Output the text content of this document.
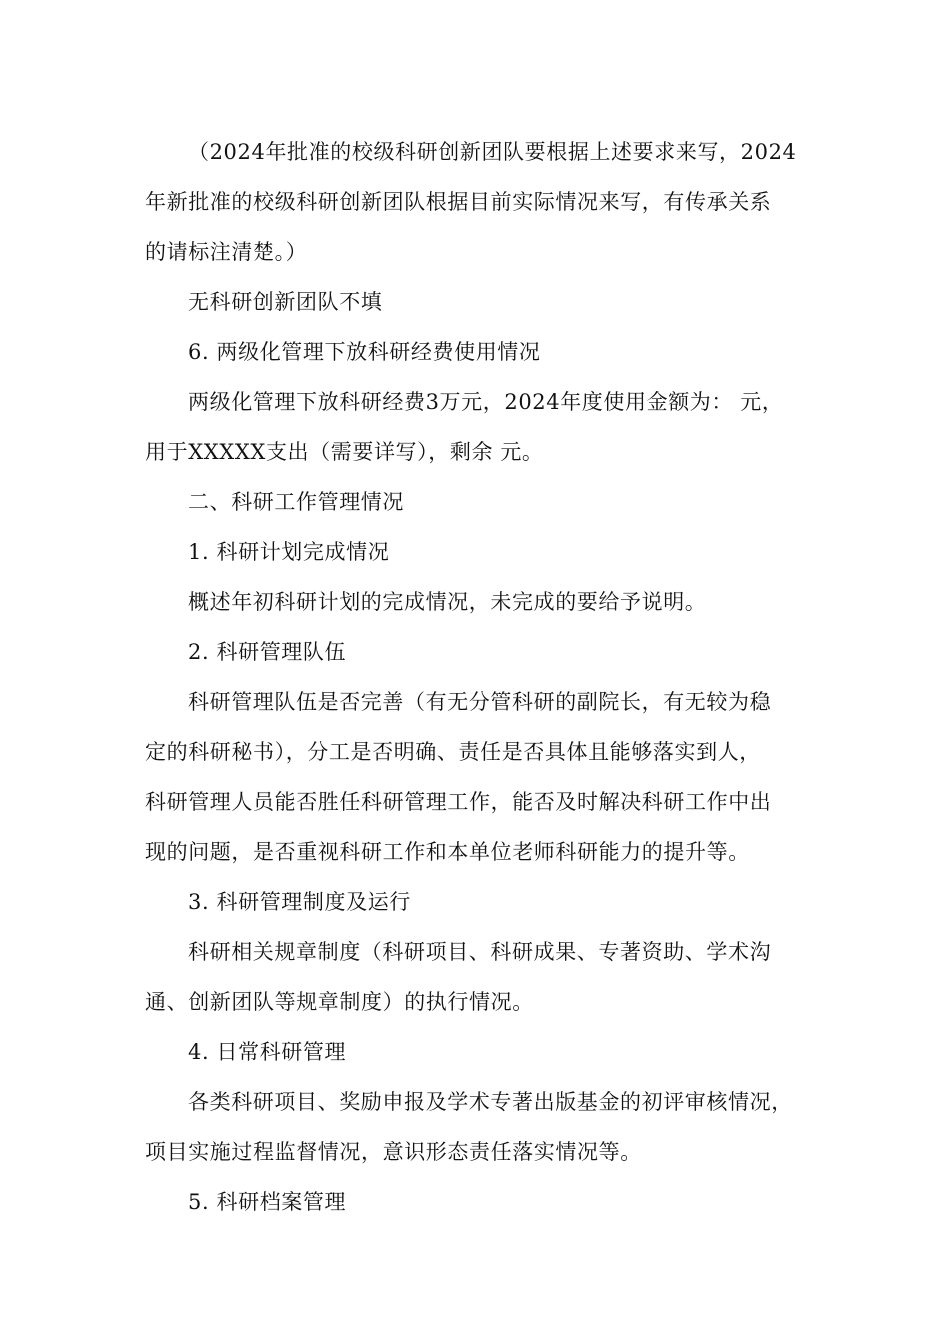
（2024年批准的校级科研创新团队要根据上述要求来写，2024
年新批准的校级科研创新团队根据目前实际情况来写，有传承关系
的请标注清楚。）
无科研创新团队不填
6. 两级化管理下放科研经费使用情况
两级化管理下放科研经费3万元，2024年度使用金额为： 元，
用于XXXXX支出（需要详写），剩余 元。
二、科研工作管理情况
1. 科研计划完成情况
概述年初科研计划的完成情况，未完成的要给予说明。
2. 科研管理队伍
科研管理队伍是否完善（有无分管科研的副院长，有无较为稳
定的科研秘书），分工是否明确、责任是否具体且能够落实到人，
科研管理人员能否胜任科研管理工作，能否及时解决科研工作中出
现的问题，是否重视科研工作和本单位老师科研能力的提升等。
3. 科研管理制度及运行
科研相关规章制度（科研项目、科研成果、专著资助、学术沟
通、创新团队等规章制度）的执行情况。
4. 日常科研管理
各类科研项目、奖励申报及学术专著出版基金的初评审核情况，
项目实施过程监督情况，意识形态责任落实情况等。
5. 科研档案管理
